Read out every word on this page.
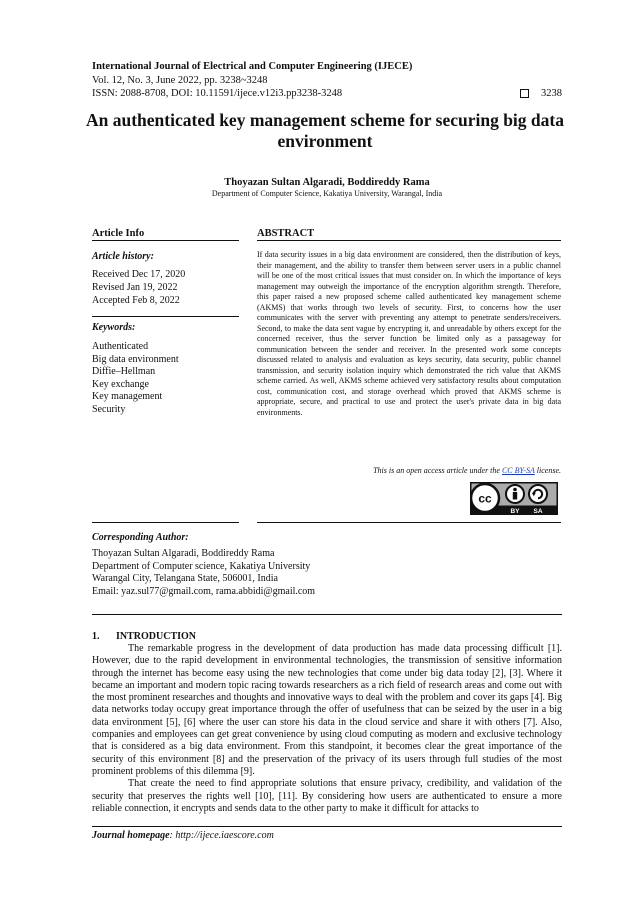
International Journal of Electrical and Computer Engineering (IJECE)
Vol. 12, No. 3, June 2022, pp. 3238~3248
ISSN: 2088-8708, DOI: 10.11591/ijece.v12i3.pp3238-3248	3238
An authenticated key management scheme for securing big data environment
Thoyazan Sultan Algaradi, Boddireddy Rama
Department of Computer Science, Kakatiya University, Warangal, India
Article Info
Article history:
Received Dec 17, 2020
Revised Jan 19, 2022
Accepted Feb 8, 2022
Keywords:
Authenticated
Big data environment
Diffie–Hellman
Key exchange
Key management
Security
ABSTRACT
If data security issues in a big data environment are considered, then the distribution of keys, their management, and the ability to transfer them between server users in a public channel will be one of the most critical issues that must consider on. In which the importance of keys management may outweigh the importance of the encryption algorithm strength. Therefore, this paper raised a new proposed scheme called authenticated key management scheme (AKMS) that works through two levels of security. First, to concerns how the user communicates with the server with preventing any attempt to penetrate senders/receivers. Second, to make the data sent vague by encrypting it, and unreadable by others except for the concerned receiver, thus the server function be limited only as a passageway for communication between the sender and receiver. In the presented work some concepts discussed related to analysis and evaluation as keys security, data security, public channel transmission, and security isolation inquiry which demonstrated the rich value that AKMS scheme carried. As well, AKMS scheme achieved very satisfactory results about computation cost, communication cost, and storage overhead which proved that AKMS scheme is appropriate, secure, and practical to use and protect the user's private data in big data environments.
This is an open access article under the CC BY-SA license.
cc
BY SA
Corresponding Author:
Thoyazan Sultan Algaradi, Boddireddy Rama
Department of Computer science, Kakatiya University
Warangal City, Telangana State, 506001, India
Email: yaz.sul77@gmail.com, rama.abbidi@gmail.com
1. INTRODUCTION

The remarkable progress in the development of data production has made data processing difficult [1]. However, due to the rapid development in environmental technologies, the transmission of sensitive information through the internet has become easy using the new technologies that come under big data today [2], [3]. Where it became an important and modern topic racing towards researchers as a rich field of research areas and come out with the most prominent researches and thoughts and innovative ways to deal with the problem and cover its gaps [4]. Big data networks today occupy great importance through the offer of usefulness that can be seized by the user in a big data environment [5], [6] where the user can store his data in the cloud service and share it with others [7]. Also, companies and employees can get great convenience by using cloud computing as modern and exclusive technology that is considered as a big data environment. From this standpoint, it becomes clear the great importance of the security of this environment [8] and the preservation of the privacy of its users through full studies of the most prominent problems of this dilemma [9].

That create the need to find appropriate solutions that ensure privacy, credibility, and validation of the security that preserves the rights well [10], [11]. By considering how users are authenticated to ensure a more reliable connection, it encrypts and sends data to the other party to make it difficult for attacks to

Journal homepage: http://ijece.iaescore.com
